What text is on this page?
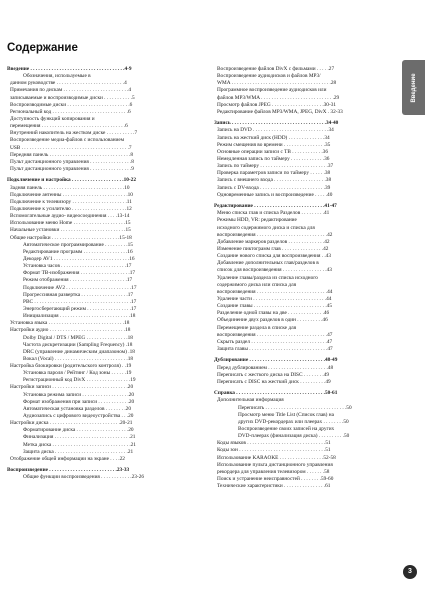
Содержание
Введение . . . . . . . . . . . . . . . . . . . . . . . . . . . . . . . . . . . .4-9
Обозначения, используемые в
данном руководстве . . . . . . . . . . . . . . . . . . . . . . . . . .4
Примечания по дискам . . . . . . . . . . . . . . . . . . . . . . . . .4
записываемые и воспроизводимые диски . . . . . . . . . . .5
Воспроизводимые диски . . . . . . . . . . . . . . . . . . . . . . . .6
Региональный код . . . . . . . . . . . . . . . . . . . . . . . . . . . . .6
Доступность функций копирования и
перемещения . . . . . . . . . . . . . . . . . . . . . . . . . . . . . . . .6
Внутренний накопитель на жестком диске . . . . . . . . . . .7
Воспроизведение медиа-файлов с использованием
USB . . . . . . . . . . . . . . . . . . . . . . . . . . . . . . . . . . . . . . . . .7
Передняя панель . . . . . . . . . . . . . . . . . . . . . . . . . . . . . . .8
Пульт дистанционного управления . . . . . . . . . . . . . . . .8
Пульт дистанционного управления . . . . . . . . . . . . . . . .9
Подключение и настройка . . . . . . . . . . . . . . . . . . . .10-22
Задняя панель . . . . . . . . . . . . . . . . . . . . . . . . . . . . . . .10
Подключение антенны . . . . . . . . . . . . . . . . . . . . . . . . .10
Подключение к телевизору . . . . . . . . . . . . . . . . . . . . .11
Подключение к усилителю . . . . . . . . . . . . . . . . . . . . .12
Вспомогательные аудио- видеосоединения . . . .13-14
Использование меню Home . . . . . . . . . . . . . . . . . . . .15
Начальные установки . . . . . . . . . . . . . . . . . . . . . . . . .15
Общие настройки . . . . . . . . . . . . . . . . . . . . . . . . . .15-18
Автоматическое программирование . . . . . . . . .15
Редактирование программ . . . . . . . . . . . . . . . . .16
Декодер AV1 . . . . . . . . . . . . . . . . . . . . . . . . . . . . .16
Установка часов . . . . . . . . . . . . . . . . . . . . . . . . .17
Формат ТВ-изображения . . . . . . . . . . . . . . . . . . .17
Режим отображения . . . . . . . . . . . . . . . . . . . . . .17
Подключение AV2 . . . . . . . . . . . . . . . . . . . . . . . . .17
Прогрессивная развертка . . . . . . . . . . . . . . . . . .17
PBC . . . . . . . . . . . . . . . . . . . . . . . . . . . . . . . . . . . . .17
Энергосберегающий режим . . . . . . . . . . . . . . . . .17
Инициализация . . . . . . . . . . . . . . . . . . . . . . . . . . .18
Установка языка . . . . . . . . . . . . . . . . . . . . . . . . . . . . .18
Настройки аудио . . . . . . . . . . . . . . . . . . . . . . . . . . . . .18
Dolby Digital / DTS / MPEG . . . . . . . . . . . . . . . .18
Частота дискретизации (Sampling Frequency) .18
DRC (управление динамическим диапазоном) .18
Вокал (Vocal) . . . . . . . . . . . . . . . . . . . . . . . . . . . .18
Настройка блокировки (родительского контроля) . .19
Установка пароля / Рейтинг / Код зоны . . . . . .19
Регистрационный код DivX . . . . . . . . . . . . . . . . .19
Настройки записи . . . . . . . . . . . . . . . . . . . . . . . . . . . . .20
Установка режима записи . . . . . . . . . . . . . . . . . .20
Формат изображения при записи . . . . . . . . . . . .20
Автоматическая установка разделов . . . . . . . .20
Аудиозапись с цифрового видеоустройства . . .20
Настройки диска . . . . . . . . . . . . . . . . . . . . . . . . . . .20-21
Форматирование диска . . . . . . . . . . . . . . . . . . . .20
Финализация . . . . . . . . . . . . . . . . . . . . . . . . . . . . .21
Метка диска . . . . . . . . . . . . . . . . . . . . . . . . . . . . . .21
Защита диска . . . . . . . . . . . . . . . . . . . . . . . . . . . .21
Отображение общей информации на экране . . . .22
Воспроизведение . . . . . . . . . . . . . . . . . . . . . . . . . .23-33
Общие функции воспроизведения . . . . . . . . . . . .23-26
Воспроизведение файлов DivX с фильмами . . . . .27
Воспроизведение аудиодисков и файлов MP3/
WMA . . . . . . . . . . . . . . . . . . . . . . . . . . . . . . . . . . . . . .28
Программное воспроизведение аудиодисков или
файлов MP3/WMA . . . . . . . . . . . . . . . . . . . . . . . . . . . .29
Просмотр файлов JPEG . . . . . . . . . . . . . . . . . . . .30-31
Редактирование файлов MP3/WMA, JPEG, DivX . 32-33
Запись . . . . . . . . . . . . . . . . . . . . . . . . . . . . . . . . . . . .34-40
Запись на DVD . . . . . . . . . . . . . . . . . . . . . . . . . . . . .34
Запись на жесткий диск (HDD) . . . . . . . . . . . . . .34
Режим смещения во времени . . . . . . . . . . . . . . . .35
Основные операции записи с ТВ . . . . . . . . . . . .36
Немедленная запись по таймеру . . . . . . . . . . . . .36
Запись по таймеру . . . . . . . . . . . . . . . . . . . . . . . . . .37
Проверка параметров записи по таймеру . . . . . .38
Запись с внешнего входа . . . . . . . . . . . . . . . . . . . .38
Запись с DV-входа . . . . . . . . . . . . . . . . . . . . . . . . .39
Одновременные запись и воспроизведение . . . . .40
Редактирование . . . . . . . . . . . . . . . . . . . . . . . . . . .41-47
Меню списка глав и списка Разделов . . . . . . . . .41
Режимы HDD, VR: редактирование
исходного содержимого диска и списка для
воспроизведения . . . . . . . . . . . . . . . . . . . . . . . . . . .42
Добавление маркеров разделов . . . . . . . . . . . . . .42
Изменение пиктограмм глав . . . . . . . . . . . . . . . .42
Создание нового списка для воспроизведения . .43
Добавление дополнительных глав/разделов в
список для воспроизведения . . . . . . . . . . . . . . . . .43
Удаление главы/раздела из списка исходного
содержимого диска или списка для
воспроизведения . . . . . . . . . . . . . . . . . . . . . . . . . . .44
Удаление части . . . . . . . . . . . . . . . . . . . . . . . . . . . .44
Создание главы . . . . . . . . . . . . . . . . . . . . . . . . . . . .45
Разделение одной главы на две . . . . . . . . . . . . . .46
Объединение двух разделов в один . . . . . . . . . .46
Перемещение раздела в списке для
воспроизведения . . . . . . . . . . . . . . . . . . . . . . . . . . .47
Скрыть раздел . . . . . . . . . . . . . . . . . . . . . . . . . . . . .47
Защита главы . . . . . . . . . . . . . . . . . . . . . . . . . . . . . .47
Дублирование . . . . . . . . . . . . . . . . . . . . . . . . . . . . .48-49
Перед дублированием . . . . . . . . . . . . . . . . . . . . . . .48
Переписать с жесткого диска на DISC . . . . . . . .49
Переписать с DISC на жесткий диск . . . . . . . . . .49
Справка . . . . . . . . . . . . . . . . . . . . . . . . . . . . . . . . . .50-61
Дополнительная информация
Переписать . . . . . . . . . . . . . . . . . . . . . . . . . . . . . . .50
Просмотр меню Title List (Список глав) на
других DVD-рекордерах или плеерах . . . . . . . .50
Воспроизведение своих записей на других
DVD-плеерах (финализация диска) . . . . . . . . . .50
Коды языков . . . . . . . . . . . . . . . . . . . . . . . . . . . . . .51
Коды зон . . . . . . . . . . . . . . . . . . . . . . . . . . . . . . . . .51
Использование KARAOKE . . . . . . . . . . . . . . . . .52-58
Использование пульта дистанционного управления
рекордера для управления телевизором . . . . . . .58
Поиск и устранение неисправностей . . . . . . . .59-60
Технические характеристики . . . . . . . . . . . . . . . .61
Введение
3
